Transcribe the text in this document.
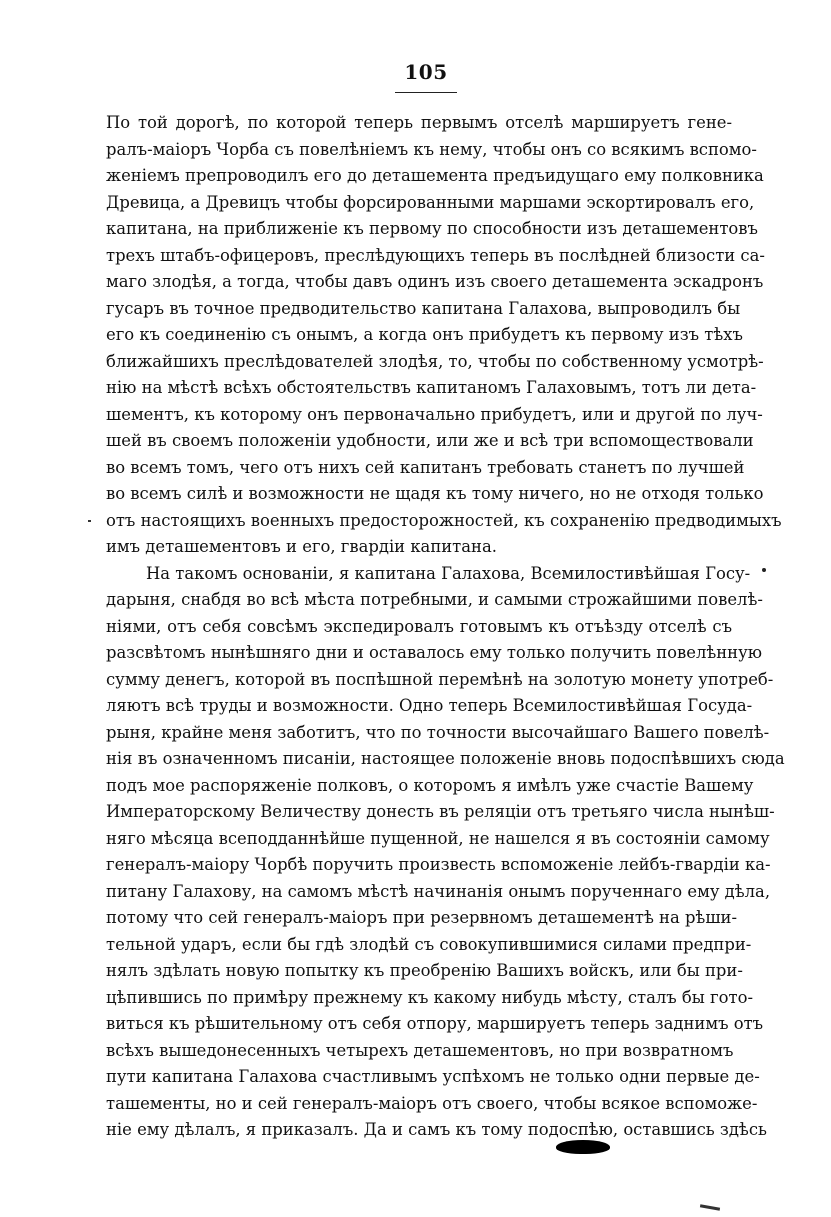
105
По той дорогѣ, по которой теперь первымъ отселѣ маршируетъ гене-
ралъ-маіоръ Чорба съ повелѣніемъ къ нему, чтобы онъ со всякимъ вспомо-
женіемъ препроводилъ его до деташемента предъидущаго ему полковника
Древица, а Древицъ чтобы форсированными маршами эскортировалъ его,
капитана, на приближеніе къ первому по способности изъ деташементовъ
трехъ штабъ-офицеровъ, преслѣдующихъ теперь въ послѣдней близости са-
маго злодѣя, а тогда, чтобы давъ одинъ изъ своего деташемента эскадронъ
гусаръ въ точное предводительство капитана Галахова, выпроводилъ бы
его къ соединенію съ онымъ, а когда онъ прибудетъ къ первому изъ тѣхъ
ближайшихъ преслѣдователей злодѣя, то, чтобы по собственному усмотрѣ-
нію на мѣстѣ всѣхъ обстоятельствъ капитаномъ Галаховымъ, тотъ ли дета-
шементъ, къ которому онъ первоначально прибудетъ, или и другой по луч-
шей въ своемъ положеніи удобности, или же и всѣ три вспомоществовали
во всемъ томъ, чего отъ нихъ сей капитанъ требовать станетъ по лучшей
во всемъ силѣ и возможности не щадя къ тому ничего, но не отходя только
отъ настоящихъ военныхъ предосторожностей, къ сохраненію предводимыхъ
имъ деташементовъ и его, гвардіи капитана.
На такомъ основаніи, я капитана Галахова, Всемилостивѣйшая Госу-
дарыня, снабдя во всѣ мѣста потребными, и самыми строжайшими повелѣ-
ніями, отъ себя совсѣмъ экспедировалъ готовымъ къ отъѣзду отселѣ съ
разсвѣтомъ нынѣшняго дни и оставалось ему только получить повелѣнную
сумму денегъ, которой въ поспѣшной перемѣнѣ на золотую монету употреб-
ляютъ всѣ труды и возможности. Одно теперь Всемилостивѣйшая Госуда-
рыня, крайне меня заботитъ, что по точности высочайшаго Вашего повелѣ-
нія въ означенномъ писаніи, настоящее положеніе вновь подоспѣвшихъ сюда
подъ мое распоряженіе полковъ, о которомъ я имѣлъ уже счастіе Вашему
Императорскому Величеству донесть въ реляціи отъ третьяго числа нынѣш-
няго мѣсяца всеподданнѣйше пущенной, не нашелся я въ состояніи самому
генералъ-маіору Чорбѣ поручить произвесть вспоможеніе лейбъ-гвардіи ка-
питану Галахову, на самомъ мѣстѣ начинанія онымъ порученнаго ему дѣла,
потому что сей генералъ-маіоръ при резервномъ деташементѣ на рѣши-
тельной ударъ, если бы гдѣ злодѣй съ совокупившимися силами предпри-
нялъ здѣлать новую попытку къ преобренію Вашихъ войскъ, или бы при-
цѣпившись по примѣру прежнему къ какому нибудь мѣсту, сталъ бы гото-
виться къ рѣшительному отъ себя отпору, маршируетъ теперь заднимъ отъ
всѣхъ вышедонесенныхъ четырехъ деташементовъ, но при возвратномъ
пути капитана Галахова счастливымъ успѣхомъ не только одни первые де-
ташементы, но и сей генералъ-маіоръ отъ своего, чтобы всякое вспоможе-
ніе ему дѣлалъ, я приказалъ. Да и самъ къ тому подоспѣю, оставшись здѣсь
